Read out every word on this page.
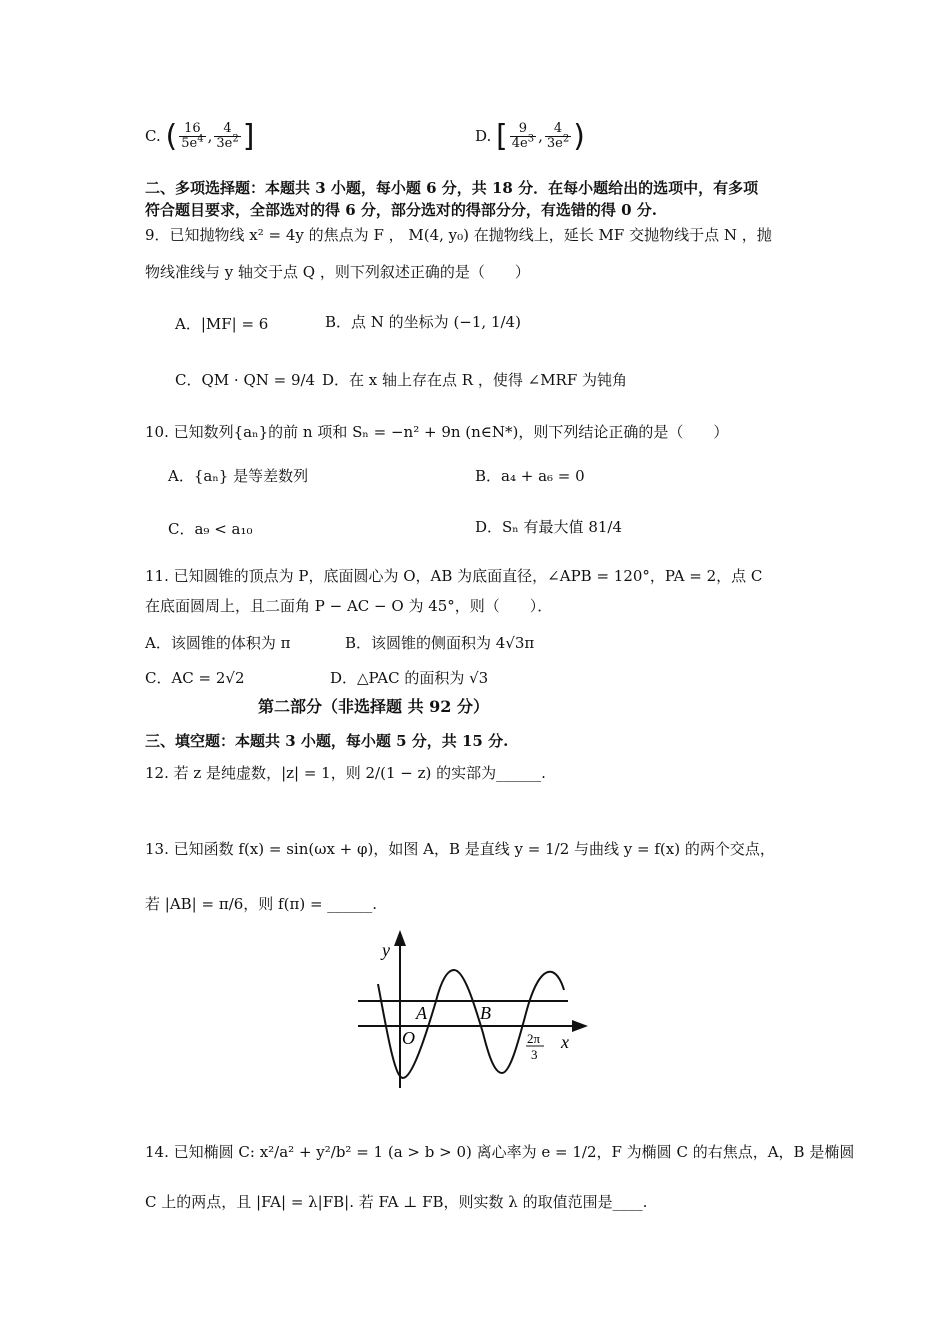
C. ( $\frac{16}{5e^4}$ , $\frac{4}{3e^2}$ ]	D. [ $\frac{9}{4e^3}$ , $\frac{4}{3e^2}$ )
二、多项选择题：本题共 3 小题，每小题 6 分，共 18 分．在每小题给出的选项中，有多项
符合题目要求，全部选对的得 6 分，部分选对的得部分分，有选错的得 0 分.
9．已知抛物线 x² = 4y 的焦点为 F ， M(4, y₀) 在抛物线上，延长 MF 交抛物线于点 N ，抛
物线准线与 y 轴交于点 Q ，则下列叙述正确的是（　　）
A．|MF| = 6	B．点 N 的坐标为 (−1, 1/4)
C．QM · QN = 9/4 D．在 x 轴上存在点 R ，使得 ∠MRF 为钝角
10. 已知数列{aₙ}的前 n 项和 Sₙ = −n² + 9n (n∈N*)，则下列结论正确的是（　　）
A．{aₙ} 是等差数列	B．a₄ + a₆ = 0
C．a₉ < a₁₀	D．Sₙ 有最大值 81/4
11. 已知圆锥的顶点为 P，底面圆心为 O，AB 为底面直径，∠APB = 120°，PA = 2，点 C
在底面圆周上，且二面角 P − AC − O 为 45°，则（　　）．
A．该圆锥的体积为 π	B．该圆锥的侧面积为 4√3π
C．AC = 2√2	D．△PAC 的面积为 √3
第二部分（非选择题 共 92 分）
三、填空题：本题共 3 小题，每小题 5 分，共 15 分.
12. 若 z 是纯虚数，|z| = 1，则 2/(1 − z) 的实部为______.
13. 已知函数 f(x) = sin(ωx + φ)，如图 A，B 是直线 y = 1/2 与曲线 y = f(x) 的两个交点，
若 |AB| = π/6，则 f(π) = ______.
y
x
O
A	B
2π
3
14. 已知椭圆 C: x²/a² + y²/b² = 1 (a > b > 0) 离心率为 e = 1/2，F 为椭圆 C 的右焦点，A，B 是椭圆
C 上的两点，且 |FA| = λ|FB|. 若 FA ⊥ FB，则实数 λ 的取值范围是____.
